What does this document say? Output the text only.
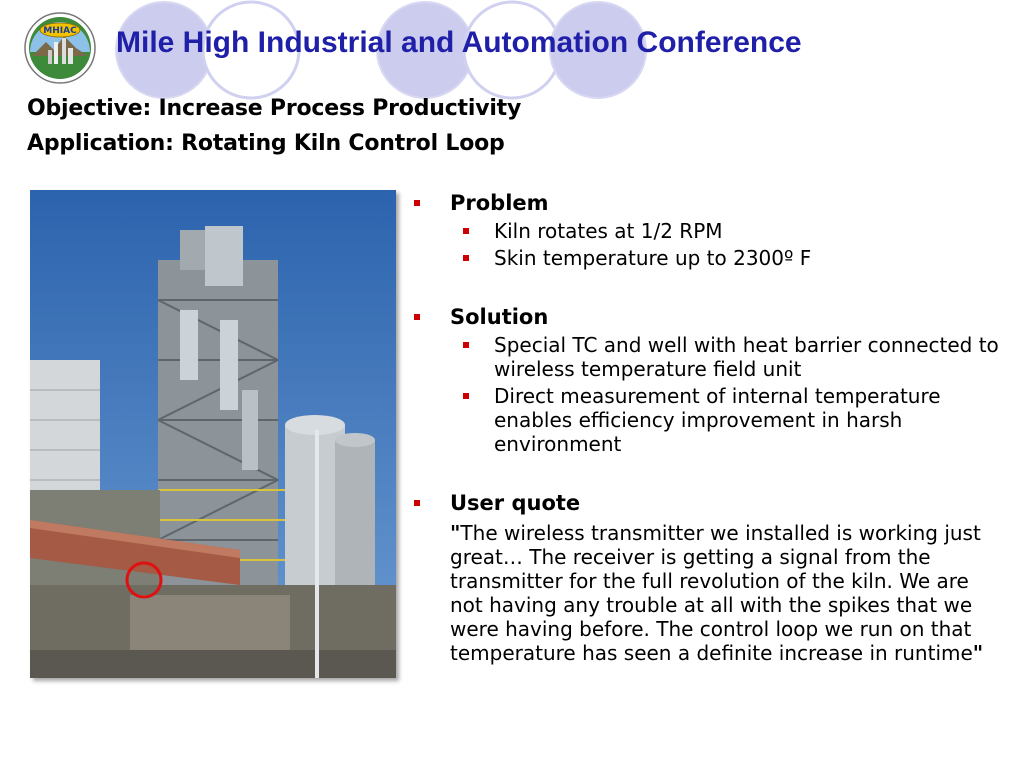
MHIAC Mile High Industrial and Automation Conference
Objective: Increase Process Productivity
Application: Rotating Kiln Control Loop
Problem
Kiln rotates at 1/2 RPM
Skin temperature up to 2300º F
Solution
Special TC and well with heat barrier connected to wireless temperature field unit
Direct measurement of internal temperature enables efficiency improvement in harsh environment
User quote
"The wireless transmitter we installed is working just great… The receiver is getting a signal from the transmitter for the full revolution of the kiln. We are not having any trouble at all with the spikes that we were having before. The control loop we run on that temperature has seen a definite increase in runtime"
